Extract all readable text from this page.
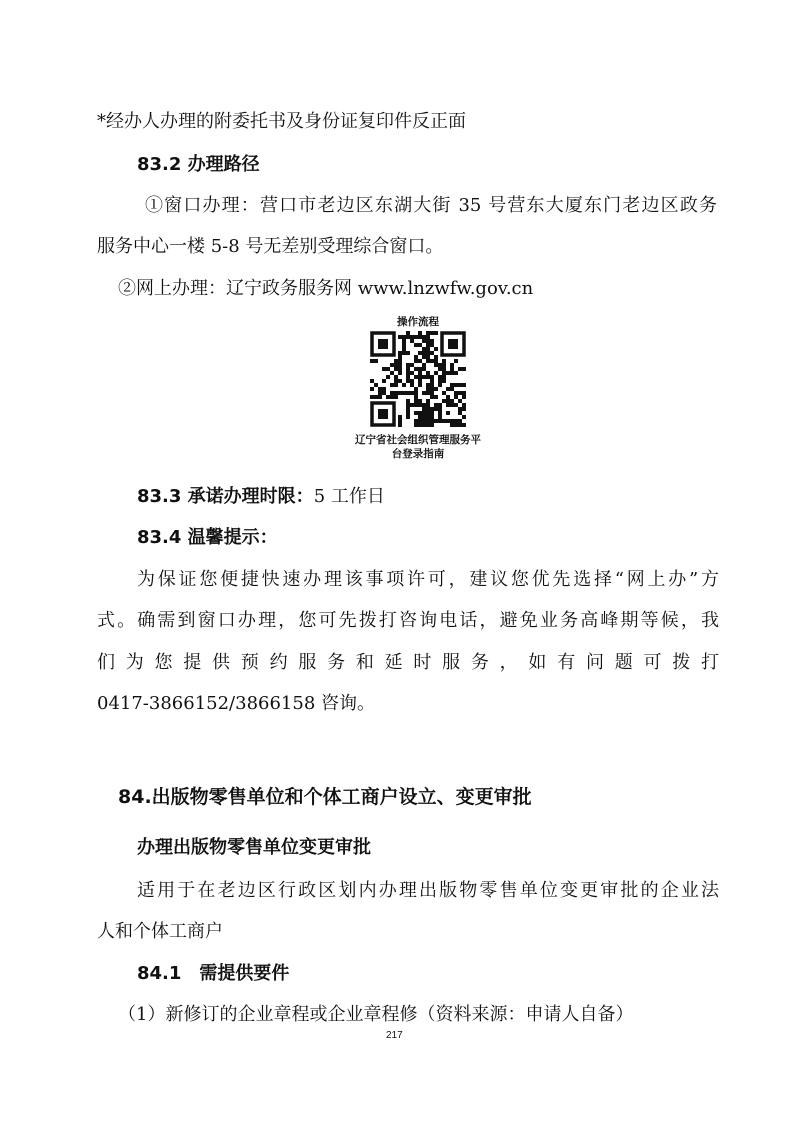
*经办人办理的附委托书及身份证复印件反正面
83.2 办理路径
①窗口办理：营口市老边区东湖大街 35 号营东大厦东门老边区政务
服务中心一楼 5-8 号无差别受理综合窗口。
②网上办理：辽宁政务服务网 www.lnzwfw.gov.cn
操作流程
辽宁省社会组织管理服务平
台登录指南
83.3 承诺办理时限：5 工作日
83.4 温馨提示：
为保证您便捷快速办理该事项许可，建议您优先选择“网上办”方
式。确需到窗口办理，您可先拨打咨询电话，避免业务高峰期等候，我
们为您提供预约服务和延时服务，如有问题可拨打
0417-3866152/3866158 咨询。
84.出版物零售单位和个体工商户设立、变更审批
办理出版物零售单位变更审批
适用于在老边区行政区划内办理出版物零售单位变更审批的企业法
人和个体工商户
84.1　需提供要件
（1）新修订的企业章程或企业章程修（资料来源：申请人自备）
217
